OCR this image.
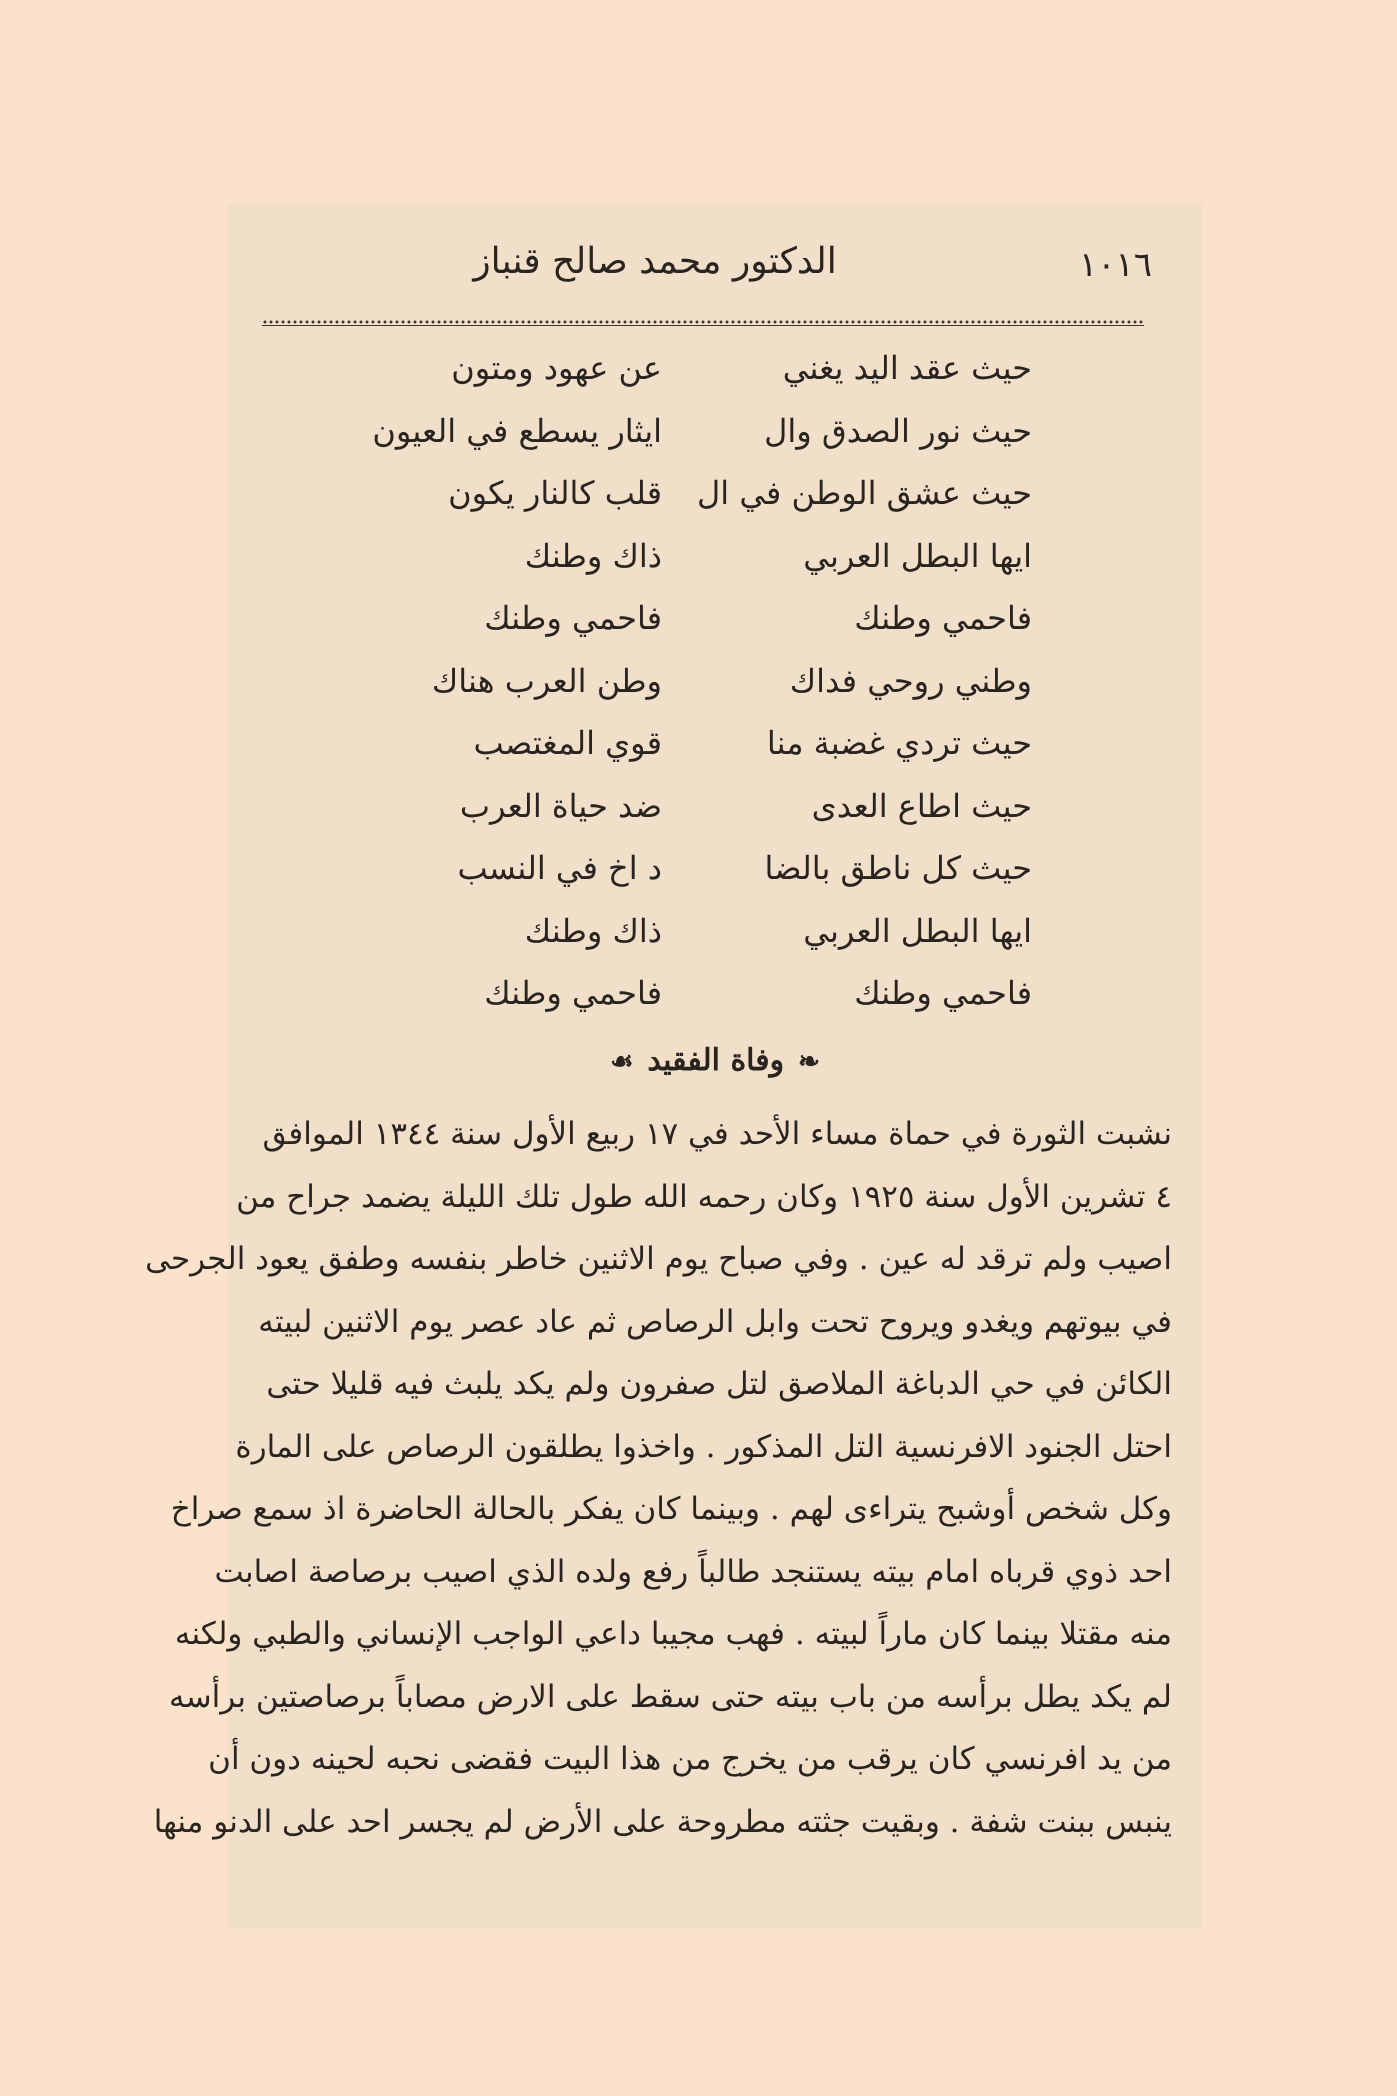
١٠١٦
الدكتور محمد صالح قنباز
حيث عقد اليد يغني
عن عهود ومتون
حيث نور الصدق وال
ايثار يسطع في العيون
حيث عشق الوطن في ال
قلب كالنار يكون
ايها البطل العربي
ذاك وطنك
فاحمي وطنك
فاحمي وطنك
وطني روحي فداك
وطن العرب هناك
حيث تردي غضبة منا
قوي المغتصب
حيث اطاع العدى
ضد حياة العرب
حيث كل ناطق بالضا
د اخ في النسب
ايها البطل العربي
ذاك وطنك
فاحمي وطنك
فاحمي وطنك
❧وفاة الفقيد☙
نشبت الثورة في حماة مساء الأحد في ١٧ ربيع الأول سنة ١٣٤٤ الموافق
٤ تشرين الأول سنة ١٩٢٥ وكان رحمه الله طول تلك الليلة يضمد جراح من
اصيب ولم ترقد له عين . وفي صباح يوم الاثنين خاطر بنفسه وطفق يعود الجرحى
في بيوتهم ويغدو ويروح تحت وابل الرصاص ثم عاد عصر يوم الاثنين لبيته
الكائن في حي الدباغة الملاصق لتل صفرون ولم يكد يلبث فيه قليلا حتى
احتل الجنود الافرنسية التل المذكور . واخذوا يطلقون الرصاص على المارة
وكل شخص أوشبح يتراءى لهم . وبينما كان يفكر بالحالة الحاضرة اذ سمع صراخ
احد ذوي قرباه امام بيته يستنجد طالباً رفع ولده الذي اصيب برصاصة اصابت
منه مقتلا بينما كان ماراً لبيته . فهب مجيبا داعي الواجب الإنساني والطبي ولكنه
لم يكد يطل برأسه من باب بيته حتى سقط على الارض مصاباً برصاصتين برأسه
من يد افرنسي كان يرقب من يخرج من هذا البيت فقضى نحبه لحينه دون أن
ينبس ببنت شفة . وبقيت جثته مطروحة على الأرض لم يجسر احد على الدنو منها
